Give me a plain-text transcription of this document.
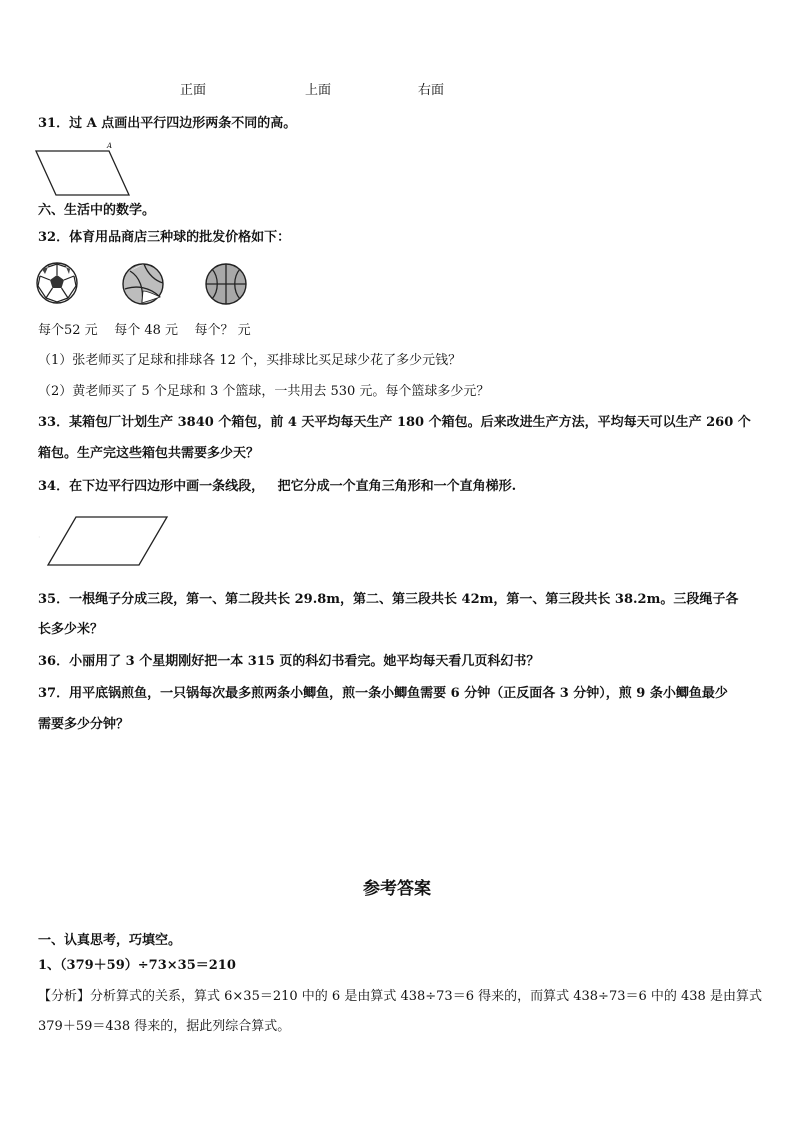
正面	上面	右面
31．过 A 点画出平行四边形两条不同的高。
A
六、生活中的数学。
32．体育用品商店三种球的批发价格如下：
每个52 元    每个 48 元    每个？ 元
（1）张老师买了足球和排球各 12 个，买排球比买足球少花了多少元钱？
（2）黄老师买了 5 个足球和 3 个篮球，一共用去 530 元。每个篮球多少元？
33．某箱包厂计划生产 3840 个箱包，前 4 天平均每天生产 180 个箱包。后来改进生产方法，平均每天可以生产 260 个
箱包。生产完这些箱包共需要多少天？
34．在下边平行四边形中画一条线段，   把它分成一个直角三角形和一个直角梯形.
·
35．一根绳子分成三段，第一、第二段共长 29.8m，第二、第三段共长 42m，第一、第三段共长 38.2m。三段绳子各
长多少米？
36．小丽用了 3 个星期刚好把一本 315 页的科幻书看完。她平均每天看几页科幻书？
37．用平底锅煎鱼，一只锅每次最多煎两条小鲫鱼，煎一条小鲫鱼需要 6 分钟（正反面各 3 分钟），煎 9 条小鲫鱼最少
需要多少分钟？
参考答案
一、认真思考，巧填空。
1、（379＋59）÷73×35＝210
【分析】分析算式的关系，算式 6×35＝210 中的 6 是由算式 438÷73＝6 得来的，而算式 438÷73＝6 中的 438 是由算式
379＋59＝438 得来的，据此列综合算式。
